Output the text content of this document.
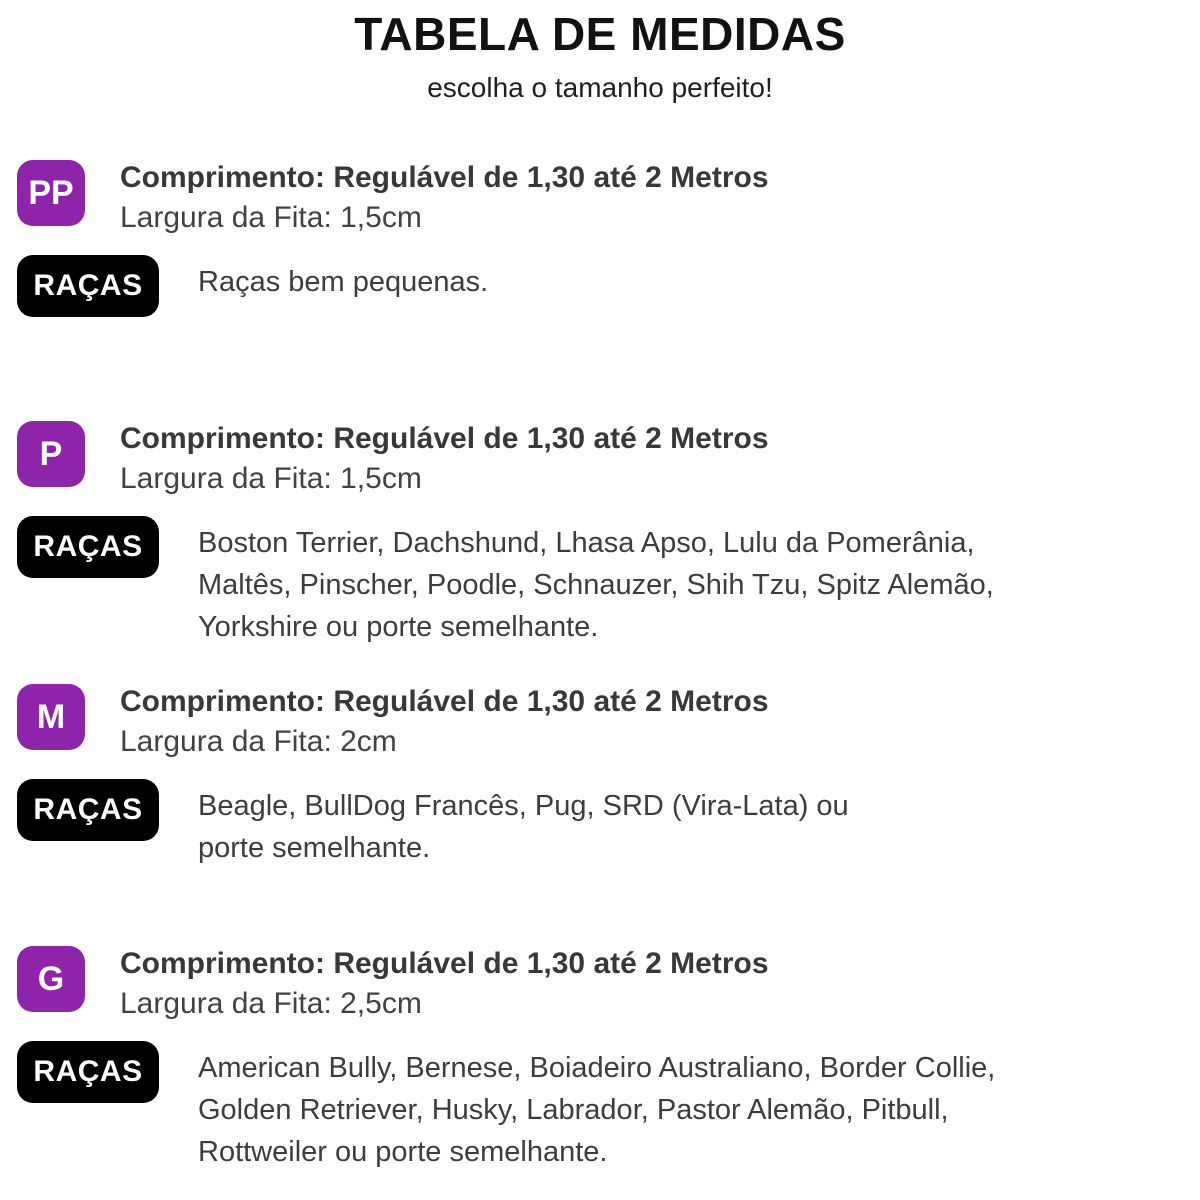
TABELA DE MEDIDAS
escolha o tamanho perfeito!
PP	Comprimento: Regulável de 1,30 até 2 Metros
Largura da Fita: 1,5cm
RAÇAS	Raças bem pequenas.
P	Comprimento: Regulável de 1,30 até 2 Metros
Largura da Fita: 1,5cm
RAÇAS	Boston Terrier, Dachshund, Lhasa Apso, Lulu da Pomerânia,
Maltês, Pinscher, Poodle, Schnauzer, Shih Tzu, Spitz Alemão,
Yorkshire ou porte semelhante.
M	Comprimento: Regulável de 1,30 até 2 Metros
Largura da Fita: 2cm
RAÇAS	Beagle, BullDog Francês, Pug, SRD (Vira-Lata) ou
porte semelhante.
G	Comprimento: Regulável de 1,30 até 2 Metros
Largura da Fita: 2,5cm
RAÇAS	American Bully, Bernese, Boiadeiro Australiano, Border Collie,
Golden Retriever, Husky, Labrador, Pastor Alemão, Pitbull,
Rottweiler ou porte semelhante.
